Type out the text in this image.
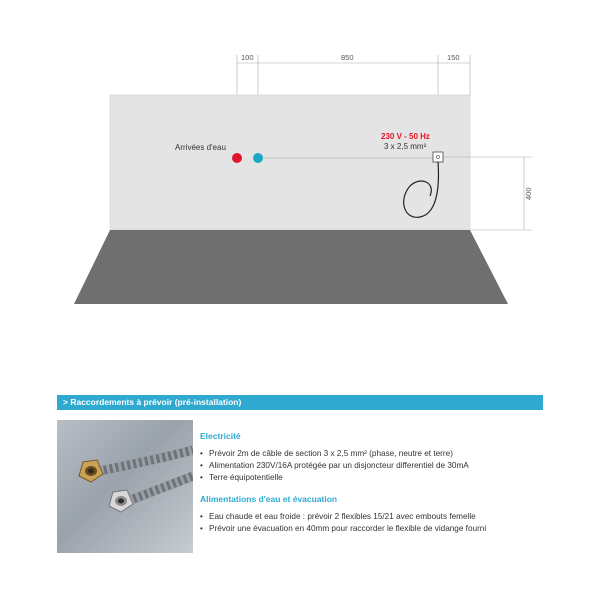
100	850	150
400
Arrivées d'eau
230 V - 50 Hz
3 x 2,5 mm²
> Raccordements à prévoir (pré-installation)
Electricité
• Prévoir 2m de câble de section 3 x 2,5 mm² (phase, neutre et terre)
• Alimentation 230V/16A protégée par un disjoncteur differentiel de 30mA
• Terre équipotentielle
Alimentations d'eau et évacuation
• Eau chaude et eau froide : prévoir 2 flexibles 15/21 avec embouts femelle
• Prévoir une évacuation en 40mm pour raccorder le flexible de vidange fourni
